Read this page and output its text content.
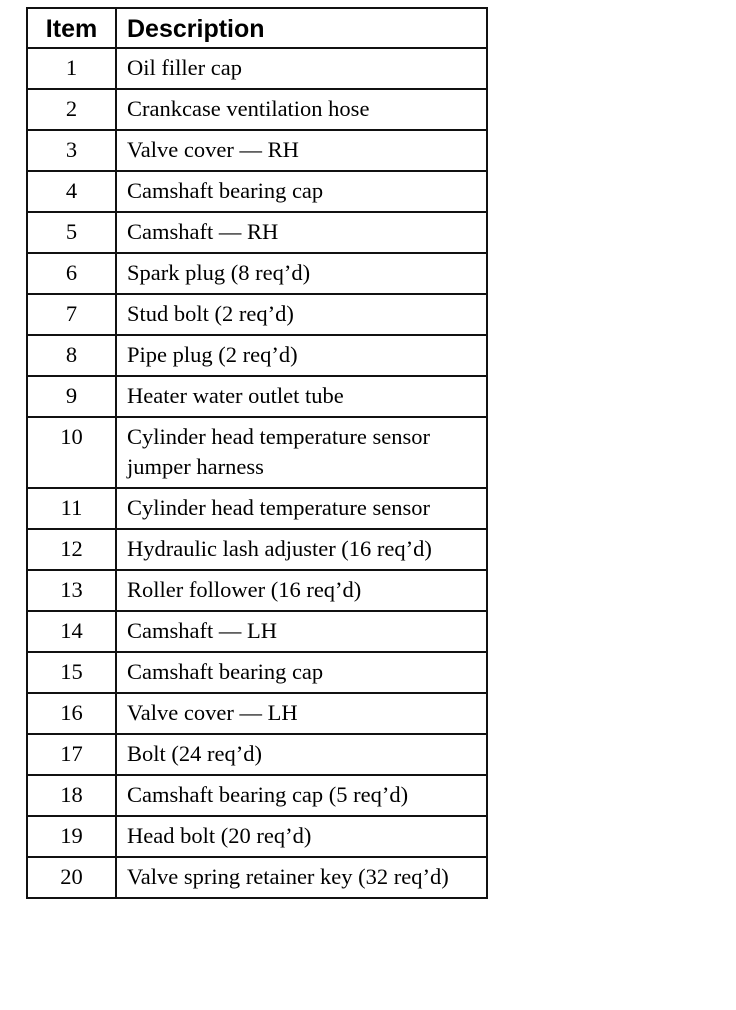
Item	Description
1	Oil filler cap
2	Crankcase ventilation hose
3	Valve cover — RH
4	Camshaft bearing cap
5	Camshaft — RH
6	Spark plug (8 req’d)
7	Stud bolt (2 req’d)
8	Pipe plug (2 req’d)
9	Heater water outlet tube
10	Cylinder head temperature sensor jumper harness
11	Cylinder head temperature sensor
12	Hydraulic lash adjuster (16 req’d)
13	Roller follower (16 req’d)
14	Camshaft — LH
15	Camshaft bearing cap
16	Valve cover — LH
17	Bolt (24 req’d)
18	Camshaft bearing cap (5 req’d)
19	Head bolt (20 req’d)
20	Valve spring retainer key (32 req’d)
